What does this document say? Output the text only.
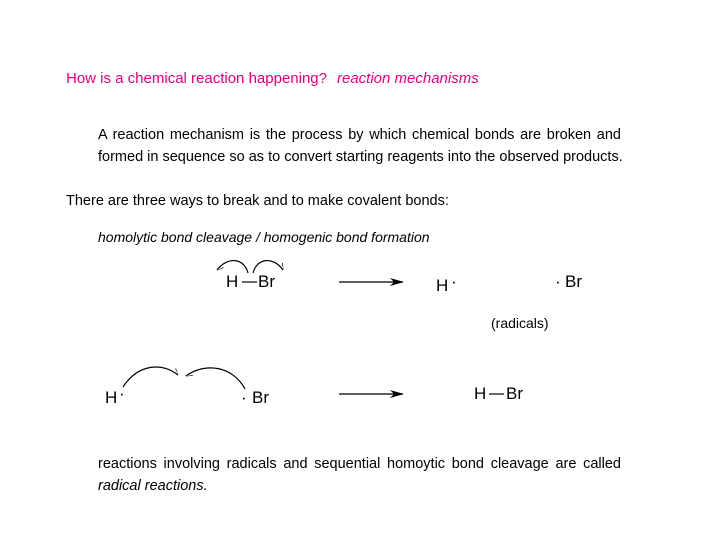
How is a chemical reaction happening? reaction mechanisms
A reaction mechanism is the process by which chemical bonds are broken and
formed in sequence so as to convert starting reagents into the observed products.
There are three ways to break and to make covalent bonds:
homolytic bond cleavage / homogenic bond formation
H Br	H ·	· Br
(radicals)
H ·	· Br	H Br
reactions involving radicals and sequential homoytic bond cleavage are called
radical reactions.
